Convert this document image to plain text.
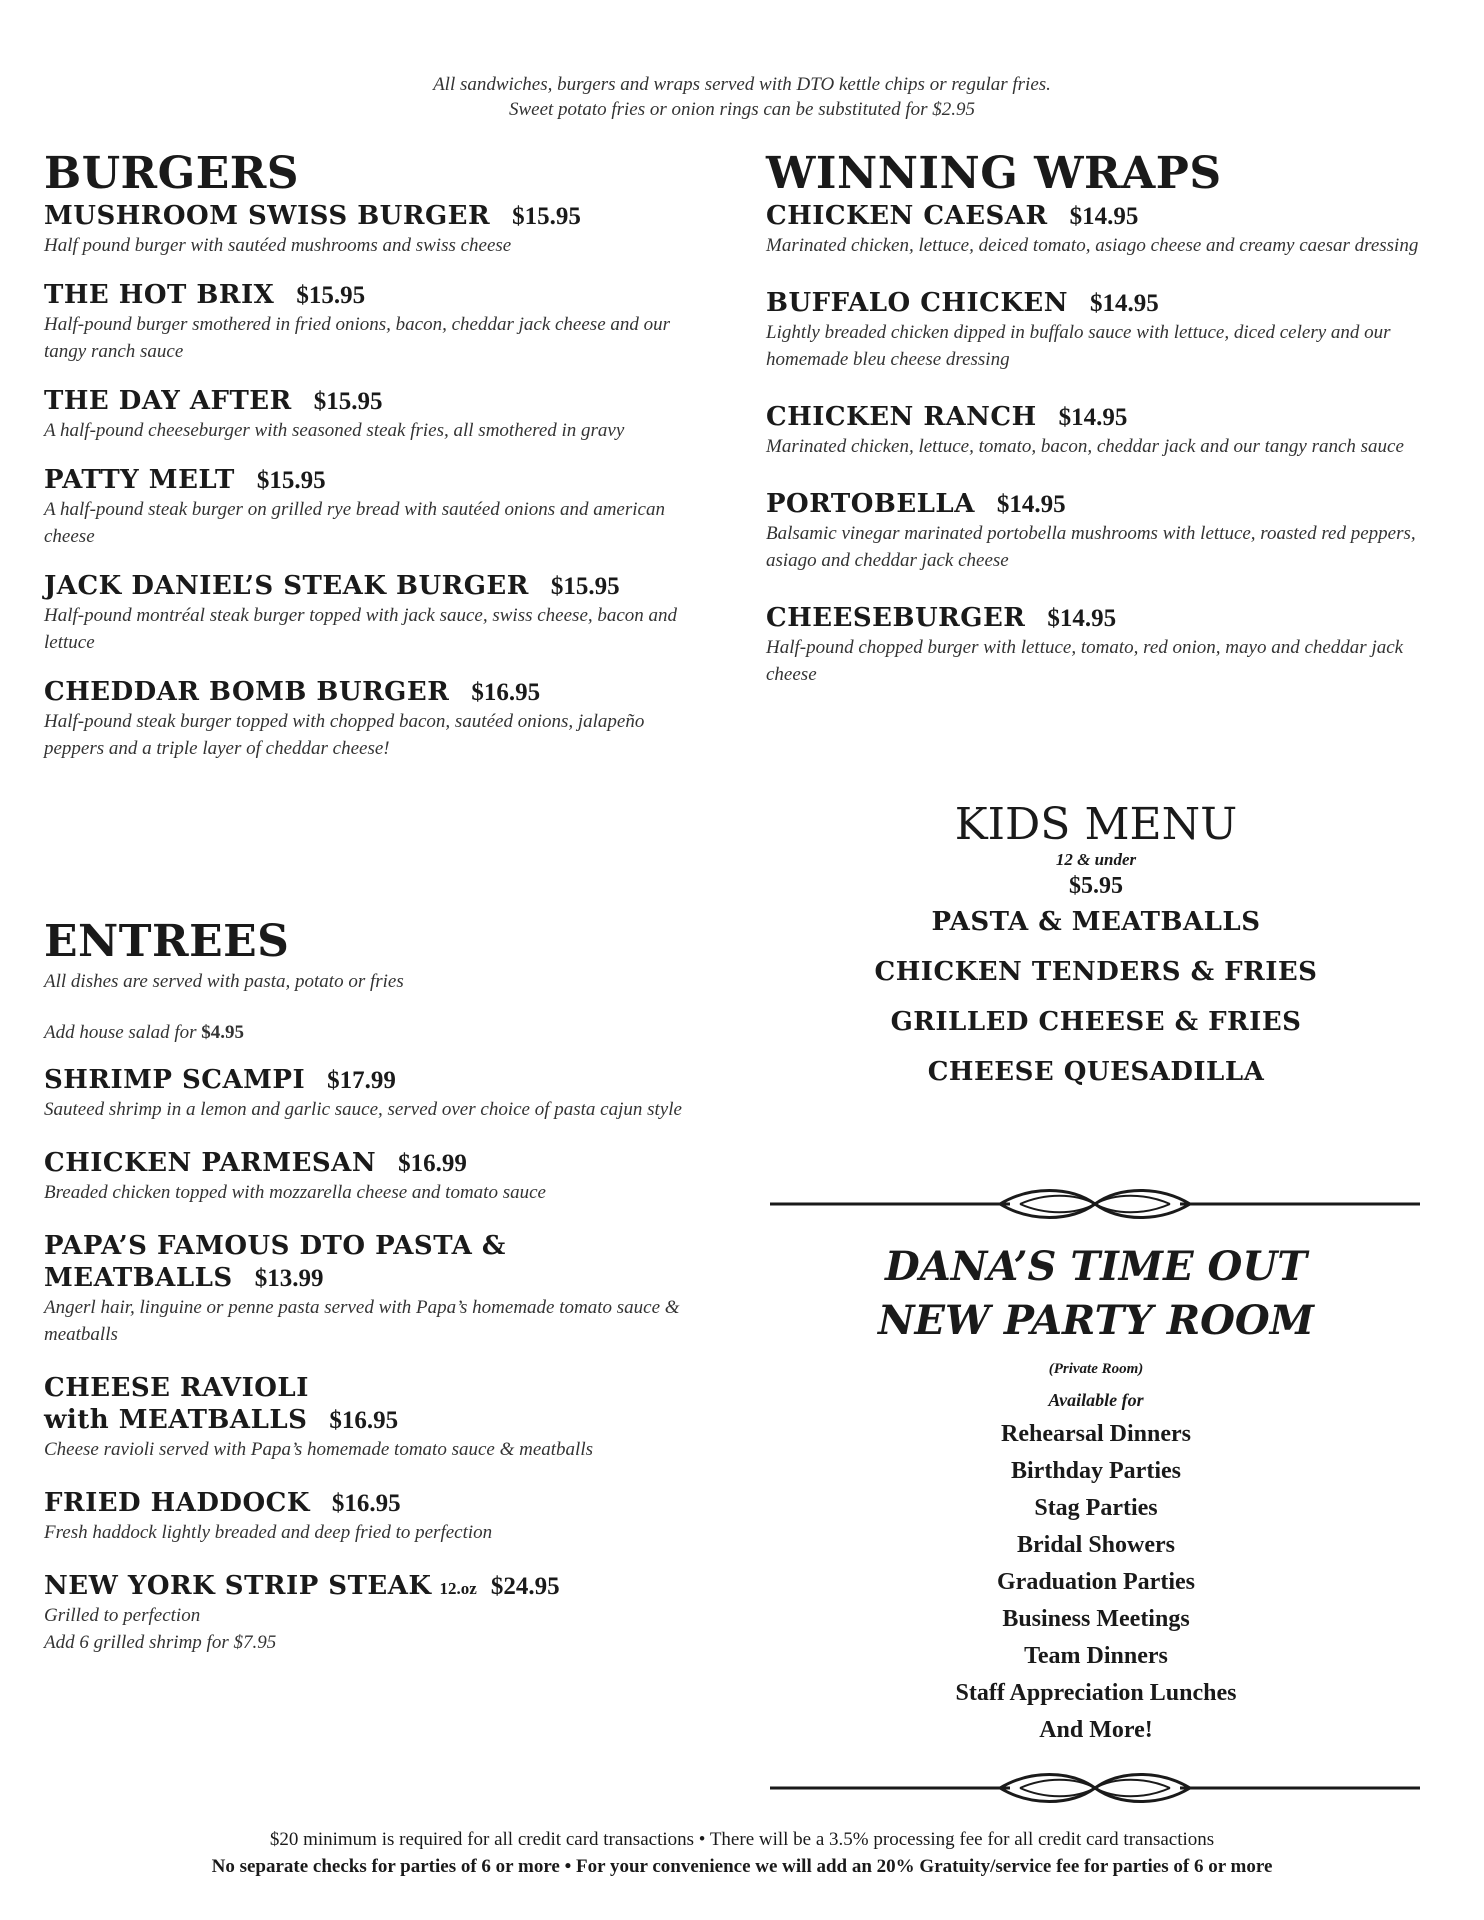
All sandwiches, burgers and wraps served with DTO kettle chips or regular fries.
Sweet potato fries or onion rings can be substituted for $2.95
BURGERS
MUSHROOM SWISS BURGER $15.95
Half pound burger with sautéed mushrooms and swiss cheese
THE HOT BRIX $15.95
Half-pound burger smothered in fried onions, bacon, cheddar jack cheese and our tangy ranch sauce
THE DAY AFTER $15.95
A half-pound cheeseburger with seasoned steak fries, all smothered in gravy
PATTY MELT $15.95
A half-pound steak burger on grilled rye bread with sautéed onions and american cheese
JACK DANIEL’S STEAK BURGER $15.95
Half-pound montréal steak burger topped with jack sauce, swiss cheese, bacon and lettuce
CHEDDAR BOMB BURGER $16.95
Half-pound steak burger topped with chopped bacon, sautéed onions, jalapeño peppers and a triple layer of cheddar cheese!
WINNING WRAPS
CHICKEN CAESAR $14.95
Marinated chicken, lettuce, deiced tomato, asiago cheese and creamy caesar dressing
BUFFALO CHICKEN $14.95
Lightly breaded chicken dipped in buffalo sauce with lettuce, diced celery and our homemade bleu cheese dressing
CHICKEN RANCH $14.95
Marinated chicken, lettuce, tomato, bacon, cheddar jack and our tangy ranch sauce
PORTOBELLA $14.95
Balsamic vinegar marinated portobella mushrooms with lettuce, roasted red peppers, asiago and cheddar jack cheese
CHEESEBURGER $14.95
Half-pound chopped burger with lettuce, tomato, red onion, mayo and cheddar jack cheese
ENTREES
All dishes are served with pasta, potato or fries
Add house salad for $4.95
SHRIMP SCAMPI $17.99
Sauteed shrimp in a lemon and garlic sauce, served over choice of pasta cajun style
CHICKEN PARMESAN $16.99
Breaded chicken topped with mozzarella cheese and tomato sauce
PAPA’S FAMOUS DTO PASTA &
MEATBALLS $13.99
Angerl hair, linguine or penne pasta served with Papa’s homemade tomato sauce & meatballs
CHEESE RAVIOLI
with MEATBALLS $16.95
Cheese ravioli served with Papa’s homemade tomato sauce & meatballs
FRIED HADDOCK $16.95
Fresh haddock lightly breaded and deep fried to perfection
NEW YORK STRIP STEAK 12.oz $24.95
Grilled to perfection
Add 6 grilled shrimp for $7.95
KIDS MENU
12 & under
$5.95
PASTA & MEATBALLS
CHICKEN TENDERS & FRIES
GRILLED CHEESE & FRIES
CHEESE QUESADILLA
DANA’S TIME OUT
NEW PARTY ROOM
(Private Room)
Available for
Rehearsal Dinners
Birthday Parties
Stag Parties
Bridal Showers
Graduation Parties
Business Meetings
Team Dinners
Staff Appreciation Lunches
And More!
$20 minimum is required for all credit card transactions • There will be a 3.5% processing fee for all credit card transactions
No separate checks for parties of 6 or more • For your convenience we will add an 20% Gratuity/service fee for parties of 6 or more
